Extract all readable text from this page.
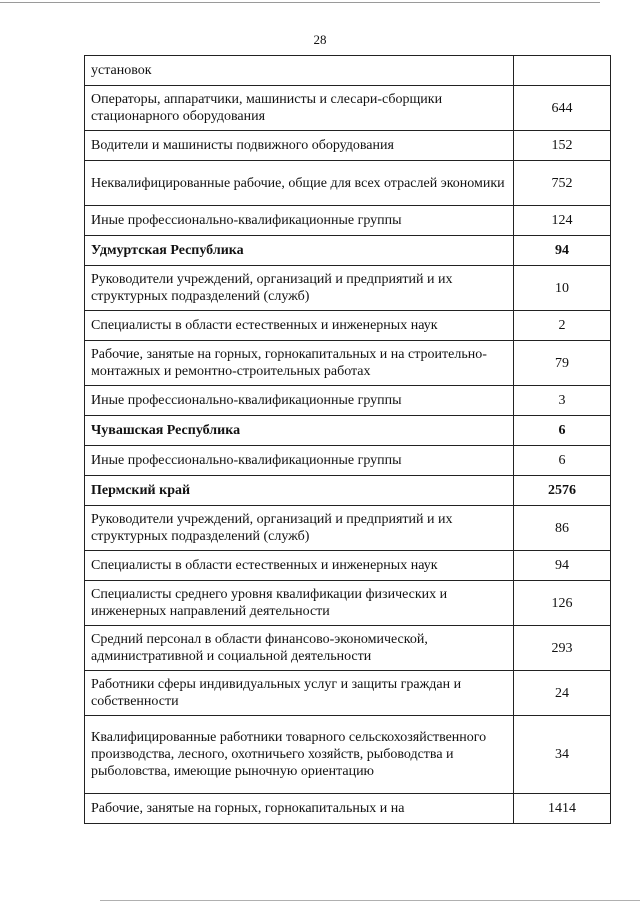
28
установок	
Операторы, аппаратчики, машинисты и слесари-сборщики стационарного оборудования	644
Водители и машинисты подвижного оборудования	152
Неквалифицированные рабочие, общие для всех отраслей экономики	752
Иные профессионально-квалификационные группы	124
Удмуртская Республика	94
Руководители учреждений, организаций и предприятий и их структурных подразделений (служб)	10
Специалисты в области естественных и инженерных наук	2
Рабочие, занятые на горных, горнокапитальных и на строительно-монтажных и ремонтно-строительных работах	79
Иные профессионально-квалификационные группы	3
Чувашская Республика	6
Иные профессионально-квалификационные группы	6
Пермский край	2576
Руководители учреждений, организаций и предприятий и их структурных подразделений (служб)	86
Специалисты в области естественных и инженерных наук	94
Специалисты среднего уровня квалификации физических и инженерных направлений деятельности	126
Средний персонал в области финансово-экономической, административной и социальной деятельности	293
Работники сферы индивидуальных услуг и защиты граждан и собственности	24
Квалифицированные работники товарного сельскохозяйственного производства, лесного, охотничьего хозяйств, рыбоводства и рыболовства, имеющие рыночную ориентацию	34
Рабочие, занятые на горных, горнокапитальных и на	1414
